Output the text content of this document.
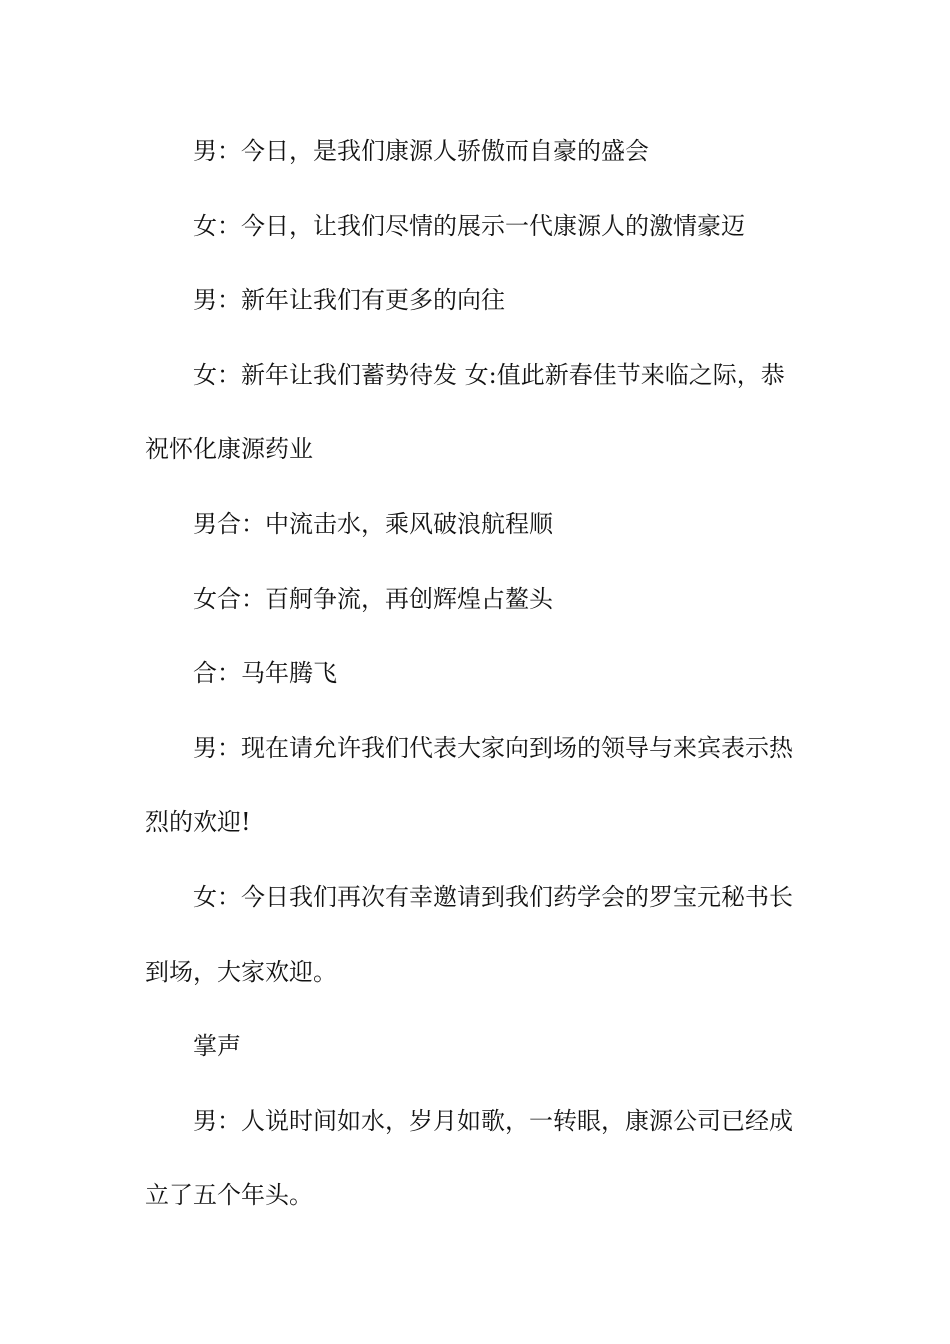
男：今日，是我们康源人骄傲而自豪的盛会
女：今日，让我们尽情的展示一代康源人的激情豪迈
男：新年让我们有更多的向往
女：新年让我们蓄势待发 女:值此新春佳节来临之际，恭
祝怀化康源药业
男合：中流击水，乘风破浪航程顺
女合：百舸争流，再创辉煌占鳌头
合：马年腾飞
男：现在请允许我们代表大家向到场的领导与来宾表示热
烈的欢迎!
女：今日我们再次有幸邀请到我们药学会的罗宝元秘书长
到场，大家欢迎。
掌声
男：人说时间如水，岁月如歌，一转眼，康源公司已经成
立了五个年头。
